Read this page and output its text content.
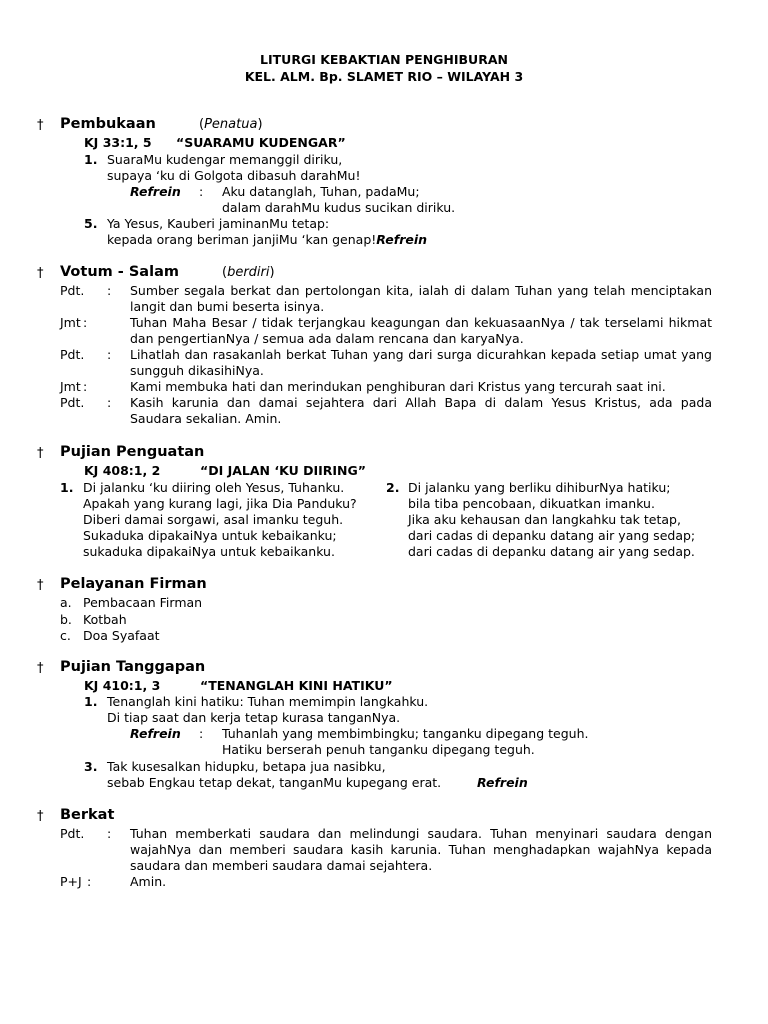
LITURGI KEBAKTIAN PENGHIBURAN
KEL. ALM. Bp. SLAMET RIO – WILAYAH 3
† Pembukaan	(Penatua)
KJ 33:1, 5 “SUARAMU KUDENGAR”
1. SuaraMu kudengar memanggil diriku,
supaya ‘ku di Golgota dibasuh darahMu!
Refrein : Aku datanglah, Tuhan, padaMu;
dalam darahMu kudus sucikan diriku.
5. Ya Yesus, Kauberi jaminanMu tetap:
kepada orang beriman janjiMu ‘kan genap!Refrein
† Votum - Salam	(berdiri)
Pdt. : Sumber segala berkat dan pertolongan kita, ialah di dalam Tuhan yang telah menciptakan langit dan bumi beserta isinya.
Jmt :	Tuhan Maha Besar / tidak terjangkau keagungan dan kekuasaanNya / tak terselami hikmat dan pengertianNya / semua ada dalam rencana dan karyaNya.
Pdt. : Lihatlah dan rasakanlah berkat Tuhan yang dari surga dicurahkan kepada setiap umat yang sungguh dikasihiNya.
Jmt :	Kami membuka hati dan merindukan penghiburan dari Kristus yang tercurah saat ini.
Pdt. : Kasih karunia dan damai sejahtera dari Allah Bapa di dalam Yesus Kristus, ada pada Saudara sekalian. Amin.
† Pujian Penguatan
KJ 408:1, 2	“DI JALAN ‘KU DIIRING”
1. Di jalanku ‘ku diiring oleh Yesus, Tuhanku.
Apakah yang kurang lagi, jika Dia Panduku?
Diberi damai sorgawi, asal imanku teguh.
Sukaduka dipakaiNya untuk kebaikanku;
sukaduka dipakaiNya untuk kebaikanku.
2. Di jalanku yang berliku dihiburNya hatiku;
bila tiba pencobaan, dikuatkan imanku.
Jika aku kehausan dan langkahku tak tetap,
dari cadas di depanku datang air yang sedap;
dari cadas di depanku datang air yang sedap.
† Pelayanan Firman
a. Pembacaan Firman
b. Kotbah
c. Doa Syafaat
† Pujian Tanggapan
KJ 410:1, 3	“TENANGLAH KINI HATIKU”
1. Tenanglah kini hatiku: Tuhan memimpin langkahku.
Di tiap saat dan kerja tetap kurasa tanganNya.
Refrein : Tuhanlah yang membimbingku; tanganku dipegang teguh.
Hatiku berserah penuh tanganku dipegang teguh.
3. Tak kusesalkan hidupku, betapa jua nasibku,
sebab Engkau tetap dekat, tanganMu kupegang erat.	Refrein
† Berkat
Pdt. : Tuhan memberkati saudara dan melindungi saudara. Tuhan menyinari saudara dengan wajahNya dan memberi saudara kasih karunia. Tuhan menghadapkan wajahNya kepada saudara dan memberi saudara damai sejahtera.
P+J :	Amin.
